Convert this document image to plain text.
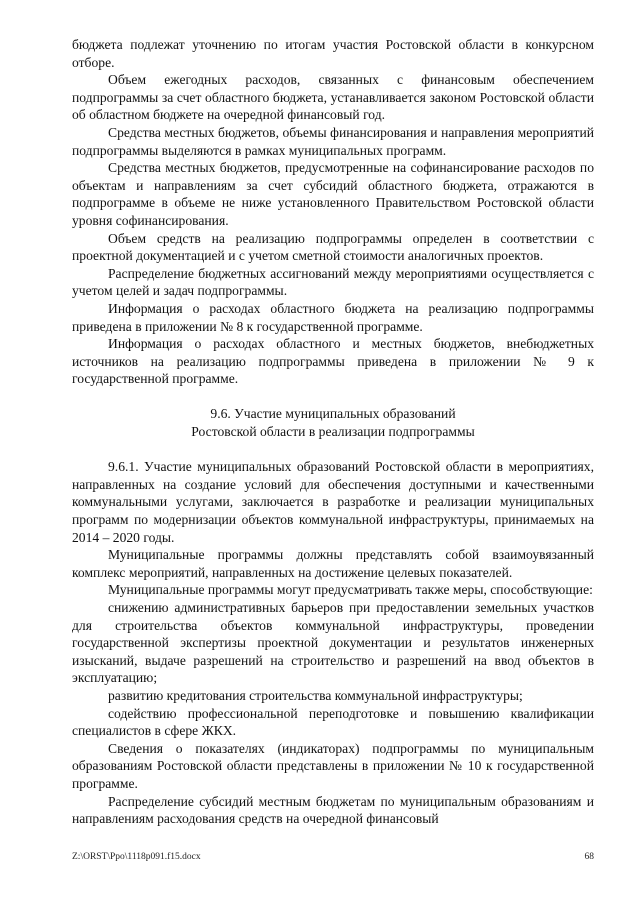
бюджета подлежат уточнению по итогам участия Ростовской области в конкурсном отборе.

Объем ежегодных расходов, связанных с финансовым обеспечением подпрограммы за счет областного бюджета, устанавливается законом Ростовской области об областном бюджете на очередной финансовый год.

Средства местных бюджетов, объемы финансирования и направления мероприятий подпрограммы выделяются в рамках муниципальных программ.

Средства местных бюджетов, предусмотренные на софинансирование расходов по объектам и направлениям за счет субсидий областного бюджета, отражаются в подпрограмме в объеме не ниже установленного Правительством Ростовской области уровня софинансирования.

Объем средств на реализацию подпрограммы определен в соответствии с проектной документацией и с учетом сметной стоимости аналогичных проектов.

Распределение бюджетных ассигнований между мероприятиями осуществляется с учетом целей и задач подпрограммы.

Информация о расходах областного бюджета на реализацию подпрограммы приведена в приложении № 8 к государственной программе.

Информация о расходах областного и местных бюджетов, внебюджетных источников на реализацию подпрограммы приведена в приложении № 9 к государственной программе.

9.6. Участие муниципальных образований
Ростовской области в реализации подпрограммы

9.6.1. Участие муниципальных образований Ростовской области в мероприятиях, направленных на создание условий для обеспечения доступными и качественными коммунальными услугами, заключается в разработке и реализации муниципальных программ по модернизации объектов коммунальной инфраструктуры, принимаемых на 2014 – 2020 годы.

Муниципальные программы должны представлять собой взаимоувязанный комплекс мероприятий, направленных на достижение целевых показателей.

Муниципальные программы могут предусматривать также меры, способствующие:

снижению административных барьеров при предоставлении земельных участков для строительства объектов коммунальной инфраструктуры, проведении государственной экспертизы проектной документации и результатов инженерных изысканий, выдаче разрешений на строительство и разрешений на ввод объектов в эксплуатацию;

развитию кредитования строительства коммунальной инфраструктуры;

содействию профессиональной переподготовке и повышению квалификации специалистов в сфере ЖКХ.

Сведения о показателях (индикаторах) подпрограммы по муниципальным образованиям Ростовской области представлены в приложении № 10 к государственной программе.

Распределение субсидий местным бюджетам по муниципальным образованиям и направлениям расходования средств на очередной финансовый

Z:\ORST\Ppo\1118p091.f15.docx	68
